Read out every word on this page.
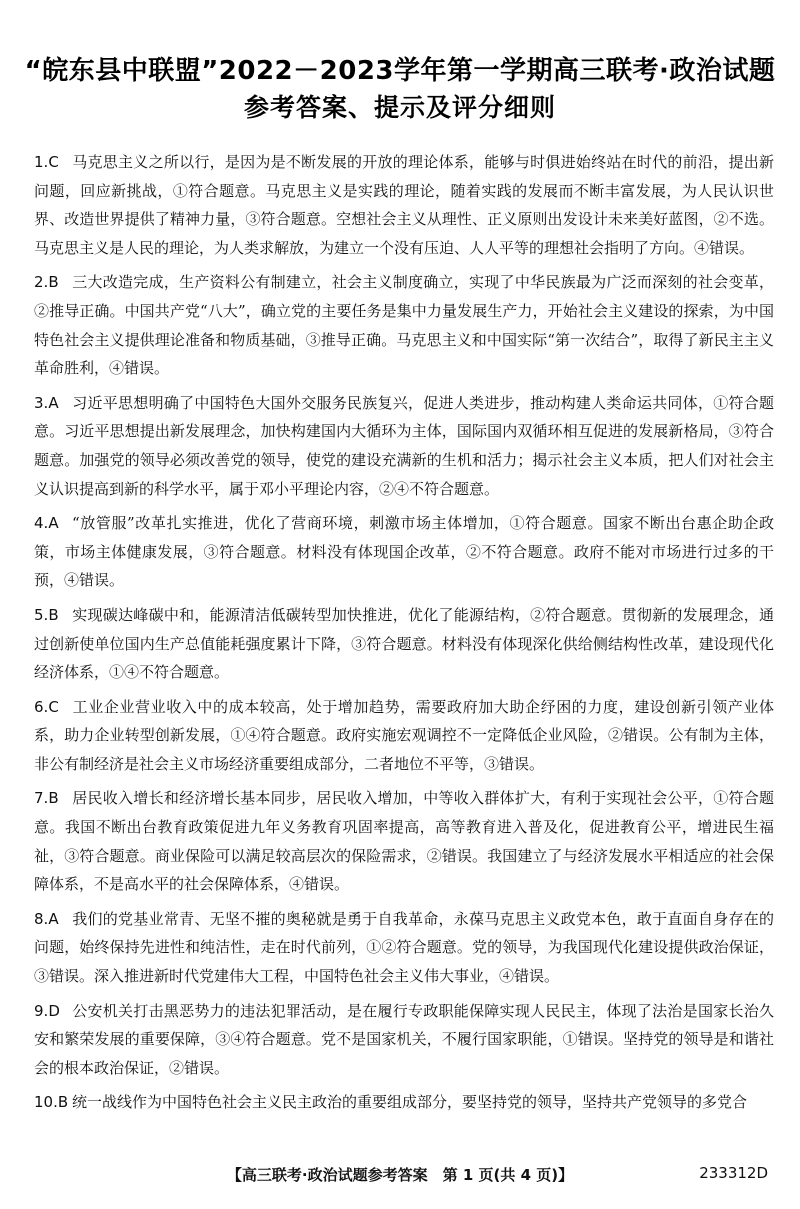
“皖东县中联盟”2022－2023学年第一学期高三联考·政治试题
参考答案、提示及评分细则

1.C 马克思主义之所以行，是因为是不断发展的开放的理论体系，能够与时俱进始终站在时代的前沿，提出新问题，回应新挑战，①符合题意。马克思主义是实践的理论，随着实践的发展而不断丰富发展，为人民认识世界、改造世界提供了精神力量，③符合题意。空想社会主义从理性、正义原则出发设计未来美好蓝图，②不选。马克思主义是人民的理论，为人类求解放，为建立一个没有压迫、人人平等的理想社会指明了方向。④错误。

2.B 三大改造完成，生产资料公有制建立，社会主义制度确立，实现了中华民族最为广泛而深刻的社会变革，②推导正确。中国共产党“八大”，确立党的主要任务是集中力量发展生产力，开始社会主义建设的探索，为中国特色社会主义提供理论准备和物质基础，③推导正确。马克思主义和中国实际“第一次结合”，取得了新民主主义革命胜利，④错误。

3.A 习近平思想明确了中国特色大国外交服务民族复兴，促进人类进步，推动构建人类命运共同体，①符合题意。习近平思想提出新发展理念，加快构建国内大循环为主体，国际国内双循环相互促进的发展新格局，③符合题意。加强党的领导必须改善党的领导，使党的建设充满新的生机和活力；揭示社会主义本质，把人们对社会主义认识提高到新的科学水平，属于邓小平理论内容，②④不符合题意。

4.A “放管服”改革扎实推进，优化了营商环境，刺激市场主体增加，①符合题意。国家不断出台惠企助企政策，市场主体健康发展，③符合题意。材料没有体现国企改革，②不符合题意。政府不能对市场进行过多的干预，④错误。

5.B 实现碳达峰碳中和，能源清洁低碳转型加快推进，优化了能源结构，②符合题意。贯彻新的发展理念，通过创新使单位国内生产总值能耗强度累计下降，③符合题意。材料没有体现深化供给侧结构性改革，建设现代化经济体系，①④不符合题意。

6.C 工业企业营业收入中的成本较高，处于增加趋势，需要政府加大助企纾困的力度，建设创新引领产业体系，助力企业转型创新发展，①④符合题意。政府实施宏观调控不一定降低企业风险，②错误。公有制为主体，非公有制经济是社会主义市场经济重要组成部分，二者地位不平等，③错误。

7.B 居民收入增长和经济增长基本同步，居民收入增加，中等收入群体扩大，有利于实现社会公平，①符合题意。我国不断出台教育政策促进九年义务教育巩固率提高，高等教育进入普及化，促进教育公平，增进民生福祉，③符合题意。商业保险可以满足较高层次的保险需求，②错误。我国建立了与经济发展水平相适应的社会保障体系，不是高水平的社会保障体系，④错误。

8.A 我们的党基业常青、无坚不摧的奥秘就是勇于自我革命，永葆马克思主义政党本色，敢于直面自身存在的问题，始终保持先进性和纯洁性，走在时代前列，①②符合题意。党的领导，为我国现代化建设提供政治保证，③错误。深入推进新时代党建伟大工程，中国特色社会主义伟大事业，④错误。

9.D 公安机关打击黑恶势力的违法犯罪活动，是在履行专政职能保障实现人民民主，体现了法治是国家长治久安和繁荣发展的重要保障，③④符合题意。党不是国家机关，不履行国家职能，①错误。坚持党的领导是和谐社会的根本政治保证，②错误。

10.B 统一战线作为中国特色社会主义民主政治的重要组成部分，要坚持党的领导，坚持共产党领导的多党合

【高三联考·政治试题参考答案　第 1 页(共 4 页)】	233312D
